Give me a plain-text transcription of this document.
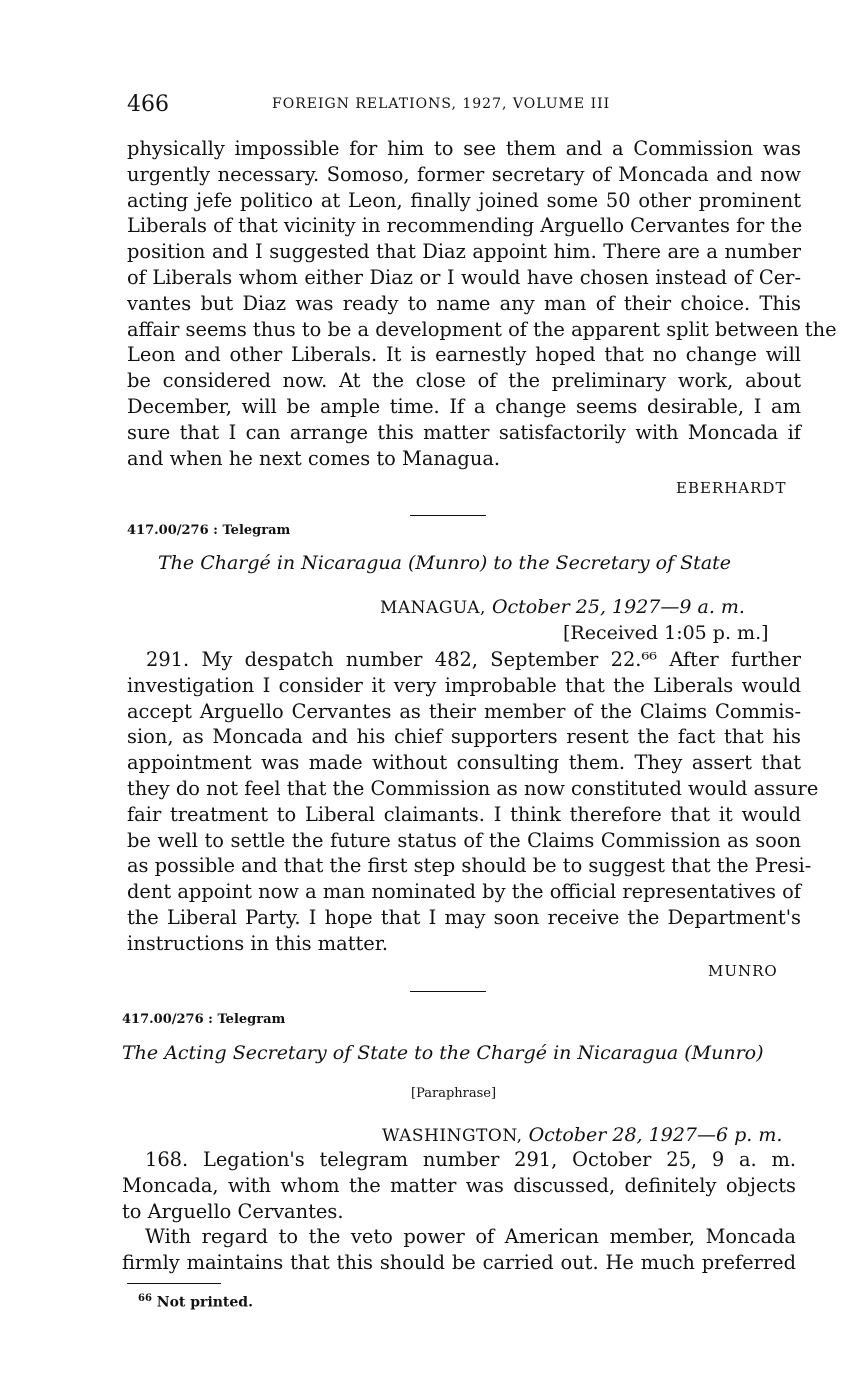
466	FOREIGN RELATIONS, 1927, VOLUME III
physically impossible for him to see them and a Commission was
urgently necessary. Somoso, former secretary of Moncada and now
acting jefe politico at Leon, finally joined some 50 other prominent
Liberals of that vicinity in recommending Arguello Cervantes for the
position and I suggested that Diaz appoint him. There are a number
of Liberals whom either Diaz or I would have chosen instead of Cer-
vantes but Diaz was ready to name any man of their choice. This
affair seems thus to be a development of the apparent split between the
Leon and other Liberals. It is earnestly hoped that no change will
be considered now. At the close of the preliminary work, about
December, will be ample time. If a change seems desirable, I am
sure that I can arrange this matter satisfactorily with Moncada if
and when he next comes to Managua.
EBERHARDT
417.00/276 : Telegram
The Chargé in Nicaragua (Munro) to the Secretary of State
MANAGUA, October 25, 1927—9 a. m.
[Received 1:05 p. m.]
291. My despatch number 482, September 22.⁶⁶ After further
investigation I consider it very improbable that the Liberals would
accept Arguello Cervantes as their member of the Claims Commis-
sion, as Moncada and his chief supporters resent the fact that his
appointment was made without consulting them. They assert that
they do not feel that the Commission as now constituted would assure
fair treatment to Liberal claimants. I think therefore that it would
be well to settle the future status of the Claims Commission as soon
as possible and that the first step should be to suggest that the Presi-
dent appoint now a man nominated by the official representatives of
the Liberal Party. I hope that I may soon receive the Department's
instructions in this matter.
MUNRO
417.00/276 : Telegram
The Acting Secretary of State to the Chargé in Nicaragua (Munro)
[Paraphrase]
WASHINGTON, October 28, 1927—6 p. m.
168. Legation's telegram number 291, October 25, 9 a. m.
Moncada, with whom the matter was discussed, definitely objects
to Arguello Cervantes.
With regard to the veto power of American member, Moncada
firmly maintains that this should be carried out. He much preferred
$^{66}$ Not printed.
